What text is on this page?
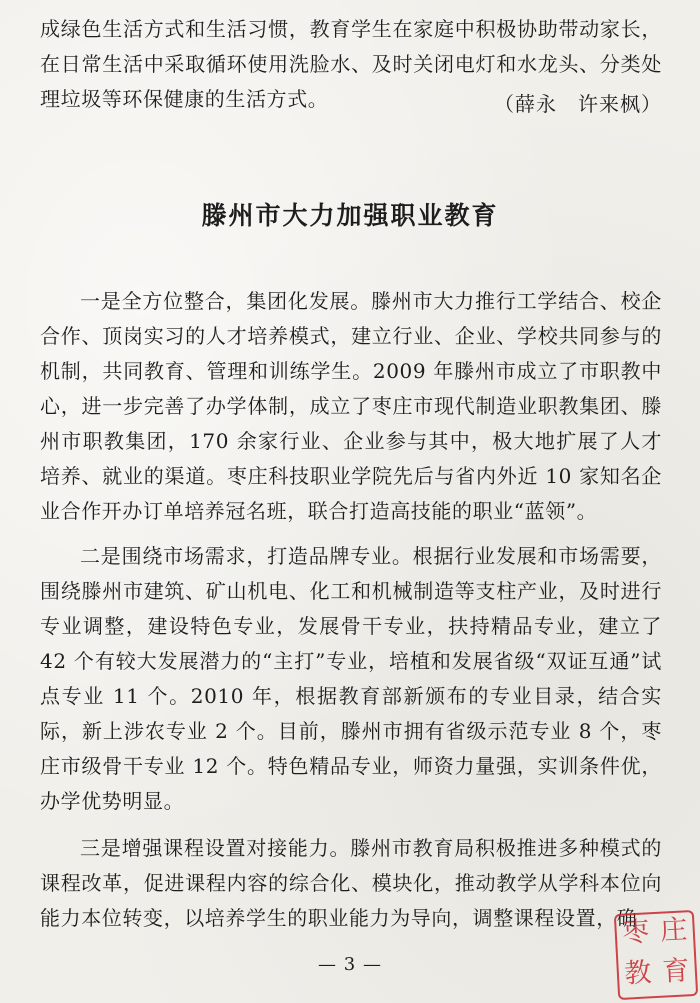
成绿色生活方式和生活习惯，教育学生在家庭中积极协助带动家长，在日常生活中采取循环使用洗脸水、及时关闭电灯和水龙头、分类处理垃圾等环保健康的生活方式。	（薛永　许来枫）
滕州市大力加强职业教育

一是全方位整合，集团化发展。滕州市大力推行工学结合、校企合作、顶岗实习的人才培养模式，建立行业、企业、学校共同参与的机制，共同教育、管理和训练学生。2009 年滕州市成立了市职教中心，进一步完善了办学体制，成立了枣庄市现代制造业职教集团、滕州市职教集团，170 余家行业、企业参与其中，极大地扩展了人才培养、就业的渠道。枣庄科技职业学院先后与省内外近 10 家知名企业合作开办订单培养冠名班，联合打造高技能的职业“蓝领”。

二是围绕市场需求，打造品牌专业。根据行业发展和市场需要，围绕滕州市建筑、矿山机电、化工和机械制造等支柱产业，及时进行专业调整，建设特色专业，发展骨干专业，扶持精品专业，建立了 42 个有较大发展潜力的“主打”专业，培植和发展省级“双证互通”试点专业 11 个。2010 年，根据教育部新颁布的专业目录，结合实际，新上涉农专业 2 个。目前，滕州市拥有省级示范专业 8 个，枣庄市级骨干专业 12 个。特色精品专业，师资力量强，实训条件优，办学优势明显。

三是增强课程设置对接能力。滕州市教育局积极推进多种模式的课程改革，促进课程内容的综合化、模块化，推动教学从学科本位向能力本位转变，以培养学生的职业能力为导向，调整课程设置，确

— 3 —
枣 庄
教 育
